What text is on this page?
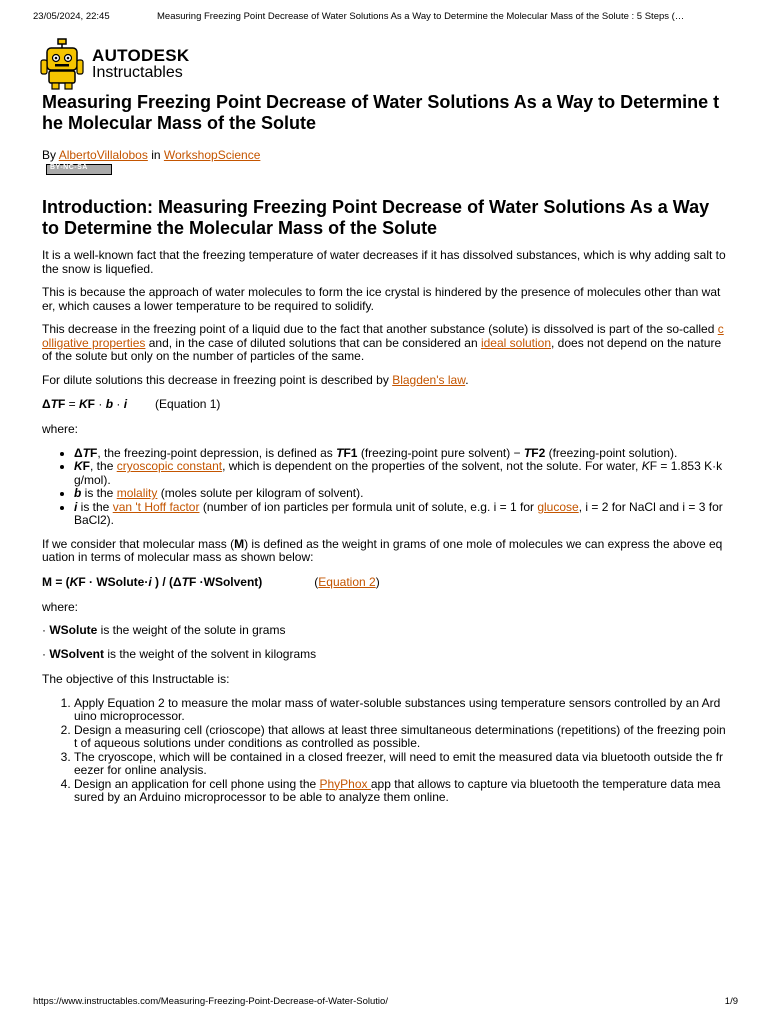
23/05/2024, 22:45	Measuring Freezing Point Decrease of Water Solutions As a Way to Determine the Molecular Mass of the Solute : 5 Steps (…
AUTODESK
Instructables
Measuring Freezing Point Decrease of Water Solutions As a Way to Determine the Molecular Mass of the Solute

By AlbertoVillalobos in WorkshopScience

BY-NC-SA
Introduction: Measuring Freezing Point Decrease of Water Solutions As a Way to Determine the Molecular Mass of the Solute

It is a well-known fact that the freezing temperature of water decreases if it has dissolved substances, which is why adding salt to the snow is liquefied.

This is because the approach of water molecules to form the ice crystal is hindered by the presence of molecules other than water, which causes a lower temperature to be required to solidify.

This decrease in the freezing point of a liquid due to the fact that another substance (solute) is dissolved is part of the so-called colligative properties and, in the case of diluted solutions that can be considered an ideal solution, does not depend on the nature of the solute but only on the number of particles of the same.

For dilute solutions this decrease in freezing point is described by Blagden's law.

ΔTF = KF · b · i (Equation 1)

where:

• ΔTF, the freezing-point depression, is defined as TF1 (freezing-point pure solvent) − TF2 (freezing-point solution).
• KF, the cryoscopic constant, which is dependent on the properties of the solvent, not the solute. For water, KF = 1.853 K·kg/mol).
• b is the molality (moles solute per kilogram of solvent).
• i is the van 't Hoff factor (number of ion particles per formula unit of solute, e.g. i = 1 for glucose, i = 2 for NaCl and i = 3 for BaCl2).

If we consider that molecular mass (M) is defined as the weight in grams of one mole of molecules we can express the above equation in terms of molecular mass as shown below:

M = (KF · WSolute·i ) / (ΔTF ·WSolvent)	(Equation 2)

where:

· WSolute is the weight of the solute in grams

· WSolvent is the weight of the solvent in kilograms

The objective of this Instructable is:

1. Apply Equation 2 to measure the molar mass of water-soluble substances using temperature sensors controlled by an Arduino microprocessor.
2. Design a measuring cell (crioscope) that allows at least three simultaneous determinations (repetitions) of the freezing point of aqueous solutions under conditions as controlled as possible.
3. The cryoscope, which will be contained in a closed freezer, will need to emit the measured data via bluetooth outside the freezer for online analysis.
4. Design an application for cell phone using the PhyPhox app that allows to capture via bluetooth the temperature data measured by an Arduino microprocessor to be able to analyze them online.
https://www.instructables.com/Measuring-Freezing-Point-Decrease-of-Water-Solutio/	1/9
